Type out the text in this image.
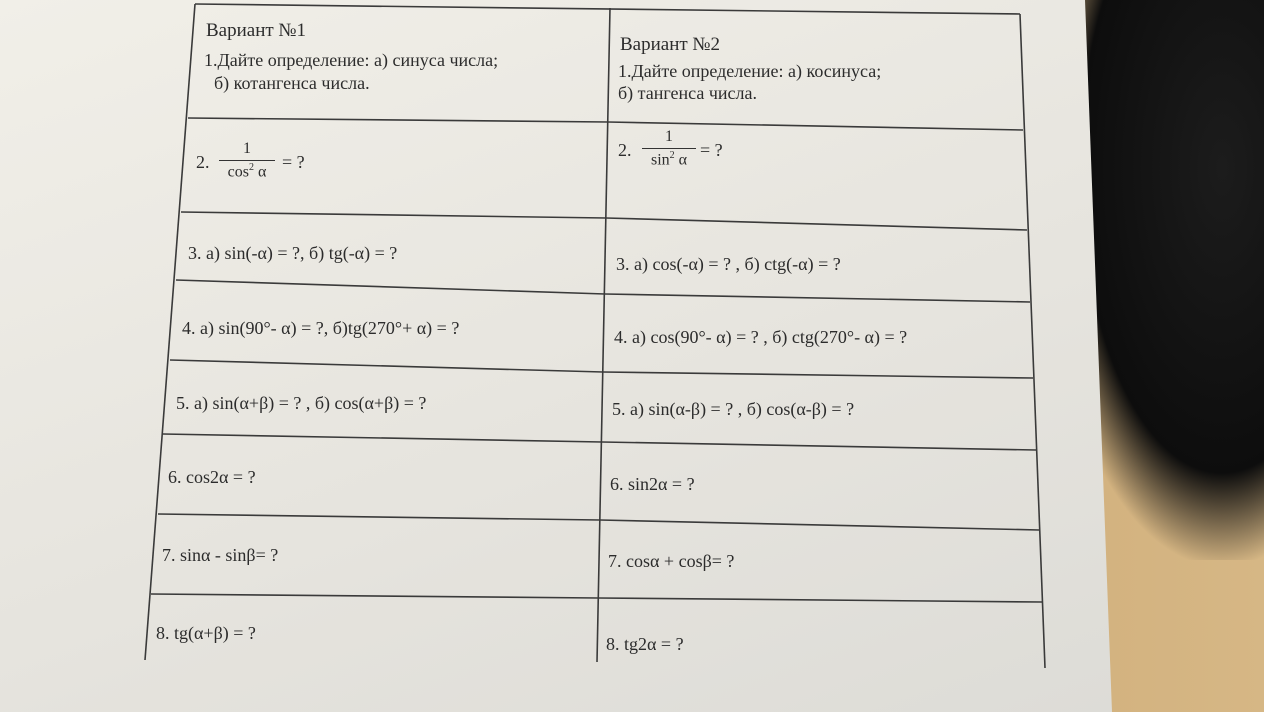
Вариант №1
1.Дайте определение: а) синуса числа;
б) котангенса числа.
2.
1
$\cos^2 \alpha$ = ?
3. а) sin(-α) = ?, б) tg(-α) = ?
4. а) sin(90°- α) = ?, б)tg(270°+ α) = ?
5. а) sin(α+β) = ? , б) cos(α+β) = ?
6. cos2α = ?
7. sinα - sinβ= ?
8. tg(α+β) = ?
Вариант №2
1.Дайте определение: а) косинуса;
б) тангенса числа.
2.
1
$\sin^2 \alpha$ = ?
3. а) cos(-α) = ? , б) ctg(-α) = ?
4. а) cos(90°- α) = ? , б) ctg(270°- α) = ?
5. а) sin(α-β) = ? , б) cos(α-β) = ?
6. sin2α = ?
7. cosα + cosβ= ?
8. tg2α = ?
